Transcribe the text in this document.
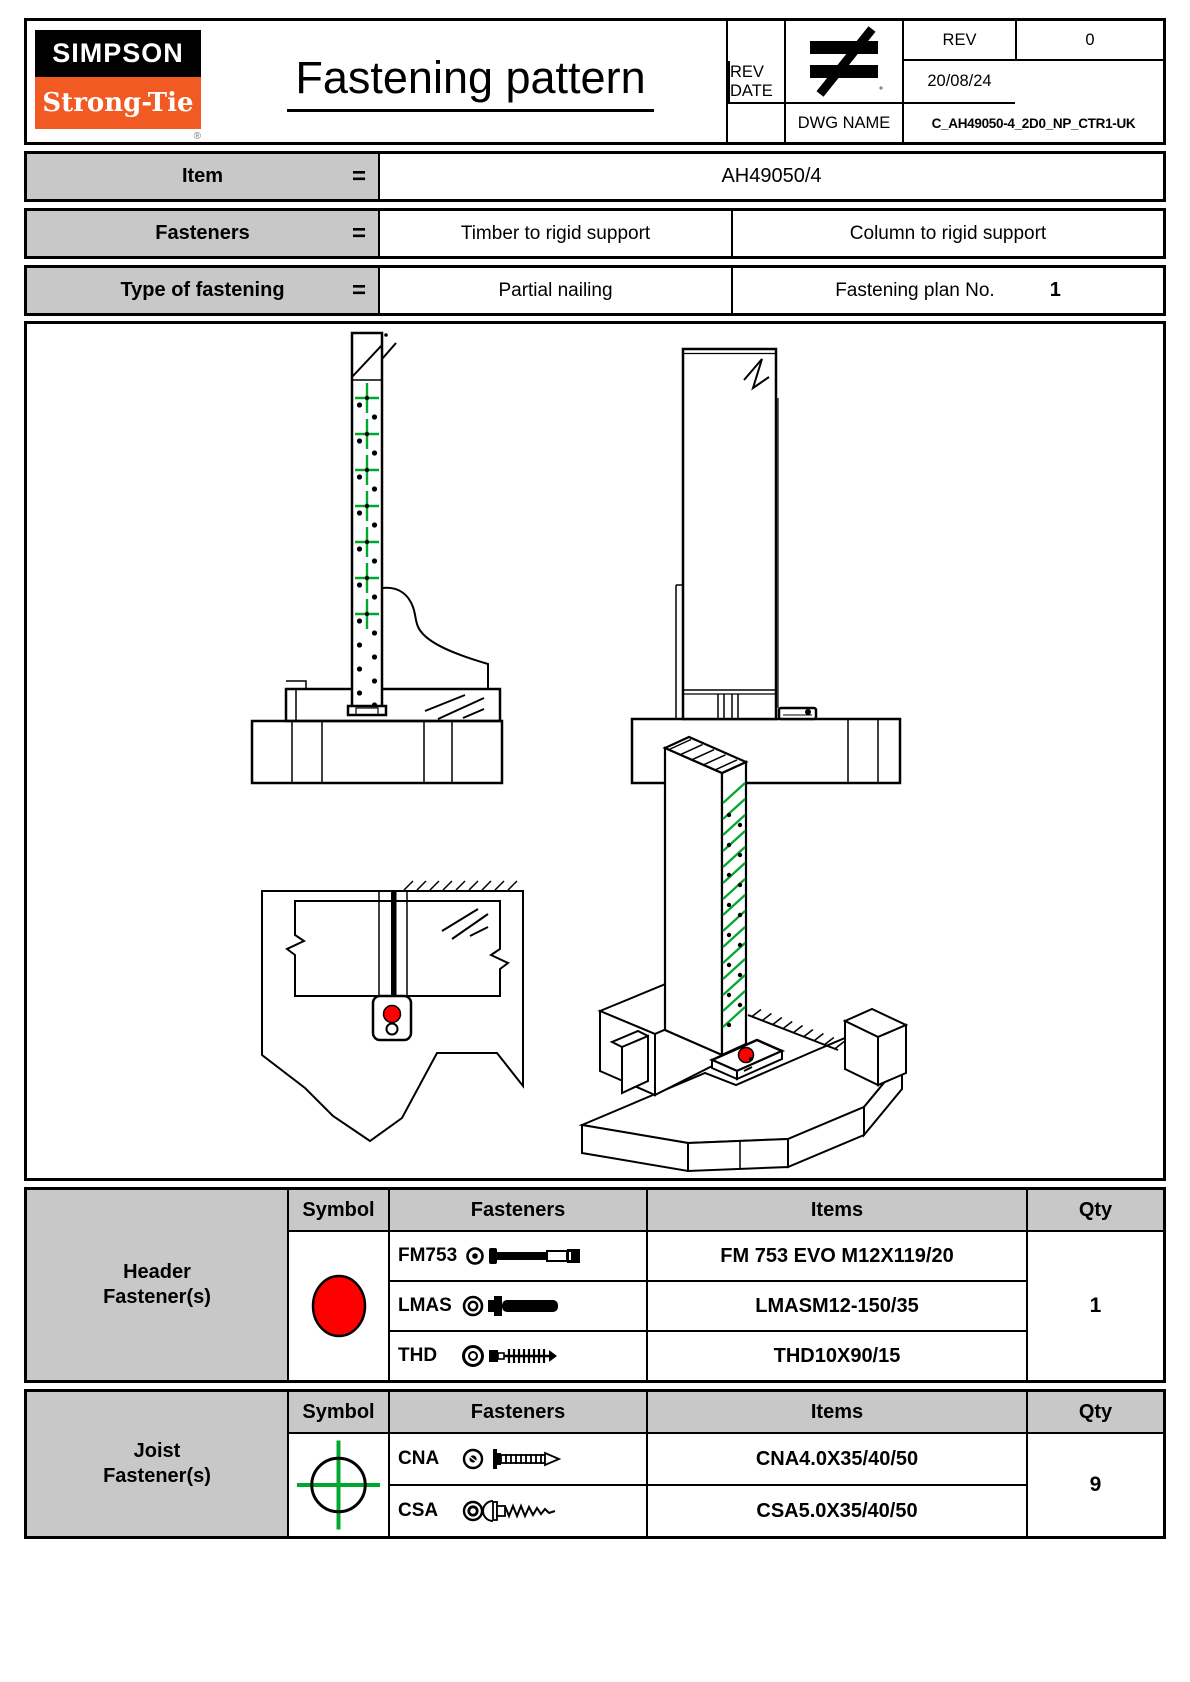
SIMPSON
Strong-Tie
®
Fastening pattern
REV	0
REV DATE
20/08/24
DWG NAME	C_AH49050-4_2D0_NP_CTR1-UK
Item	=	AH49050/4
Fasteners	=	Timber to rigid support	Column to rigid support
Type of fastening	=	Partial nailing	Fastening plan No.	1
Header
Fastener(s)
Symbol	Fasteners	Items	Qty
FM753	FM 753 EVO M12X119/20
1
LMAS	LMASM12-150/35
THD	THD10X90/15
Joist
Fastener(s)
Symbol	Fasteners	Items	Qty
CNA	CNA4.0X35/40/50
9
CSA	CSA5.0X35/40/50
